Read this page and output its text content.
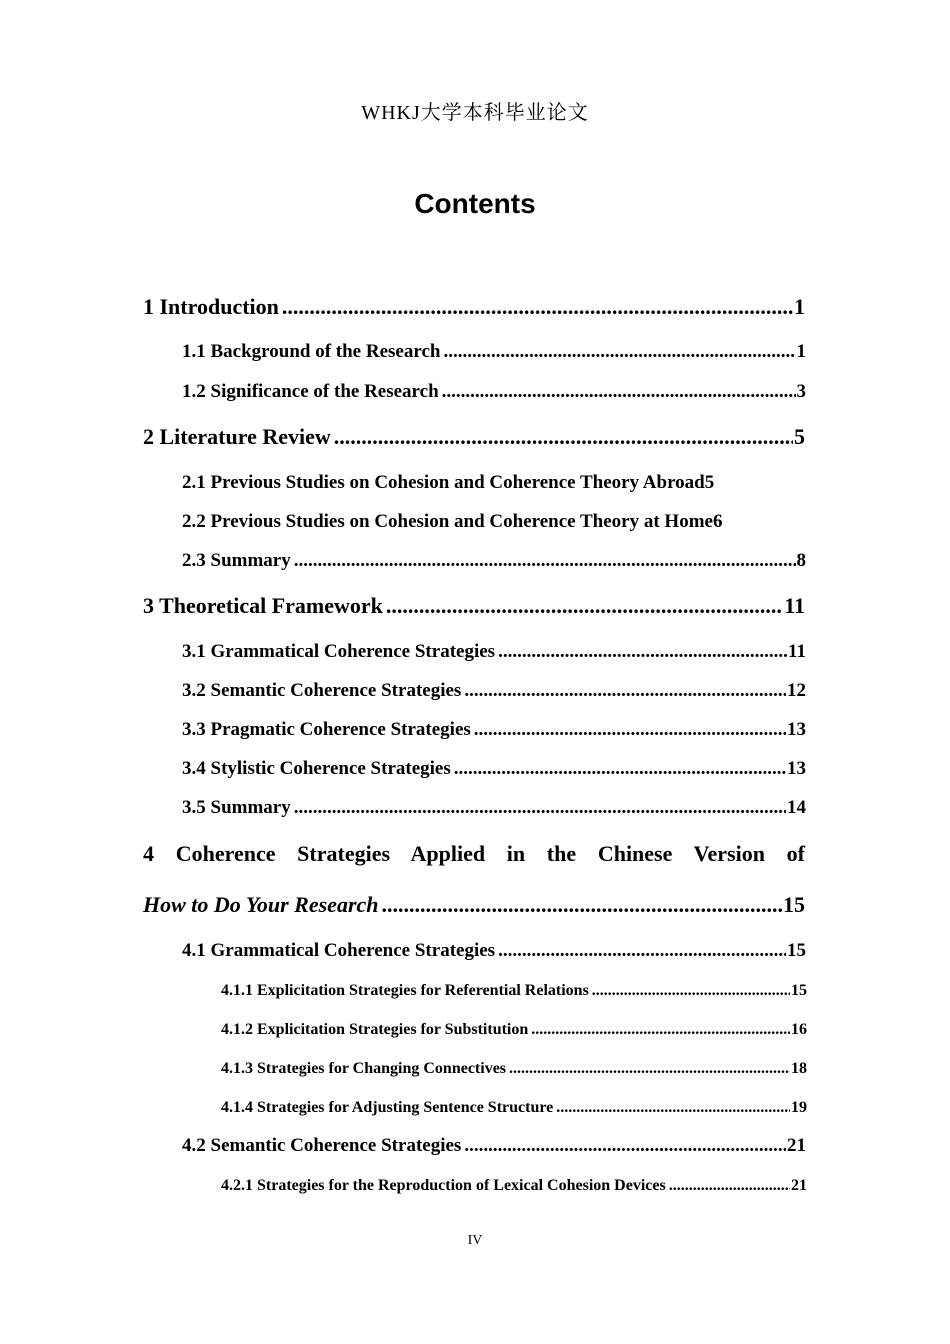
WHKJ大学本科毕业论文
Contents
1 Introduction .....	1
1.1 Background of the Research .....	1
1.2 Significance of the Research .....	3
2 Literature Review .....	5
2.1 Previous Studies on Cohesion and Coherence Theory Abroad 5
2.2 Previous Studies on Cohesion and Coherence Theory at Home 6
2.3 Summary .....	8
3 Theoretical Framework .....	11
3.1 Grammatical Coherence Strategies .....	11
3.2 Semantic Coherence Strategies .....	12
3.3 Pragmatic Coherence Strategies .....	13
3.4 Stylistic Coherence Strategies .....	13
3.5 Summary .....	14
4 Coherence Strategies Applied in the Chinese Version of
How to Do Your Research .....	15
4.1 Grammatical Coherence Strategies .....	15
4.1.1 Explicitation Strategies for Referential Relations .....	15
4.1.2 Explicitation Strategies for Substitution .....	16
4.1.3 Strategies for Changing Connectives .....	18
4.1.4 Strategies for Adjusting Sentence Structure .....	19
4.2 Semantic Coherence Strategies .....	21
4.2.1 Strategies for the Reproduction of Lexical Cohesion Devices .....	21
IV
